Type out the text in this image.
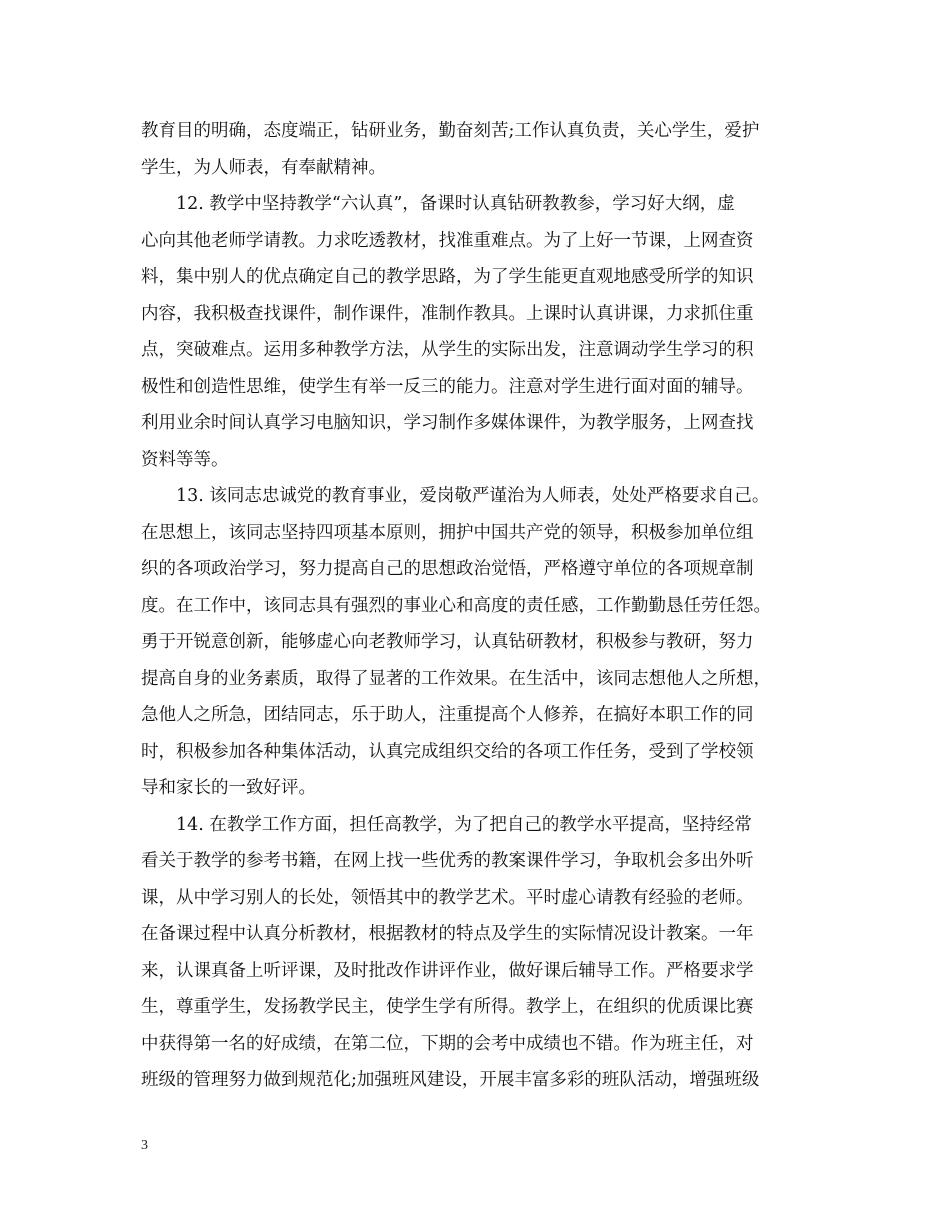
教育目的明确，态度端正，钻研业务，勤奋刻苦;工作认真负责，关心学生，爱护
学生，为人师表，有奉献精神。
12. 教学中坚持教学“六认真”，备课时认真钻研教教参，学习好大纲，虚
心向其他老师学请教。力求吃透教材，找准重难点。为了上好一节课，上网查资
料，集中别人的优点确定自己的教学思路，为了学生能更直观地感受所学的知识
内容，我积极查找课件，制作课件，准制作教具。上课时认真讲课，力求抓住重
点，突破难点。运用多种教学方法，从学生的实际出发，注意调动学生学习的积
极性和创造性思维，使学生有举一反三的能力。注意对学生进行面对面的辅导。
利用业余时间认真学习电脑知识，学习制作多媒体课件，为教学服务，上网查找
资料等等。
13. 该同志忠诚党的教育事业，爱岗敬严谨治为人师表，处处严格要求自己。
在思想上，该同志坚持四项基本原则，拥护中国共产党的领导，积极参加单位组
织的各项政治学习，努力提高自己的思想政治觉悟，严格遵守单位的各项规章制
度。在工作中，该同志具有强烈的事业心和高度的责任感，工作勤勤恳任劳任怨。
勇于开锐意创新，能够虚心向老教师学习，认真钻研教材，积极参与教研，努力
提高自身的业务素质，取得了显著的工作效果。在生活中，该同志想他人之所想，
急他人之所急，团结同志，乐于助人，注重提高个人修养，在搞好本职工作的同
时，积极参加各种集体活动，认真完成组织交给的各项工作任务，受到了学校领
导和家长的一致好评。
14. 在教学工作方面，担任高教学，为了把自己的教学水平提高，坚持经常
看关于教学的参考书籍，在网上找一些优秀的教案课件学习，争取机会多出外听
课，从中学习别人的长处，领悟其中的教学艺术。平时虚心请教有经验的老师。
在备课过程中认真分析教材，根据教材的特点及学生的实际情况设计教案。一年
来，认课真备上听评课，及时批改作讲评作业，做好课后辅导工作。严格要求学
生，尊重学生，发扬教学民主，使学生学有所得。教学上，在组织的优质课比赛
中获得第一名的好成绩，在第二位，下期的会考中成绩也不错。作为班主任，对
班级的管理努力做到规范化;加强班风建设，开展丰富多彩的班队活动，增强班级
3
